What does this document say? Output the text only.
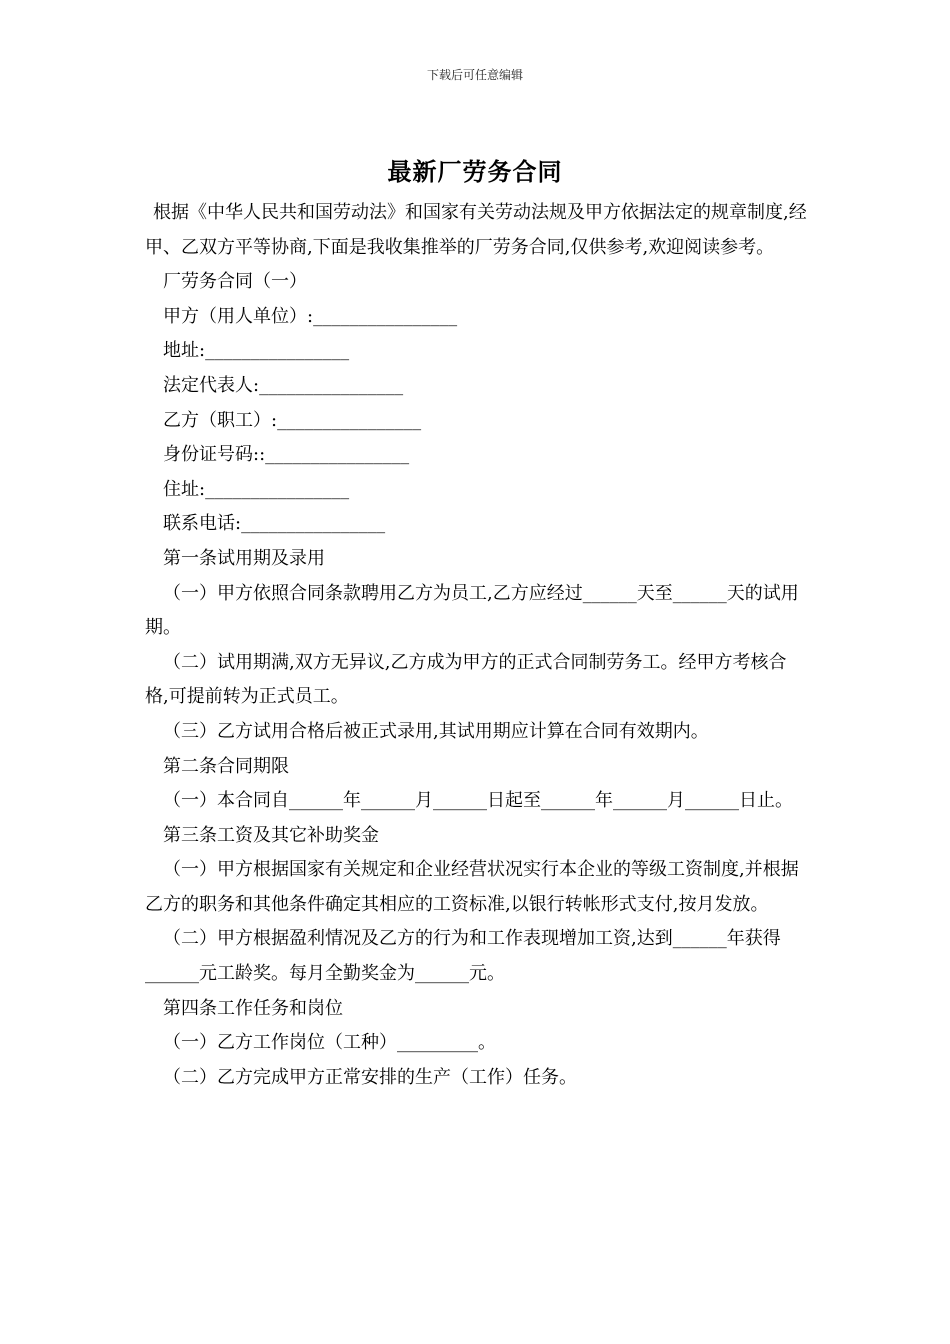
下载后可任意编辑
最新厂劳务合同

根据《中华人民共和国劳动法》和国家有关劳动法规及甲方依据法定的规章制度,经甲、乙双方平等协商,下面是我收集推举的厂劳务合同,仅供参考,欢迎阅读参考。

厂劳务合同（一）

甲方（用人单位）:________________

地址:________________

法定代表人:________________

乙方（职工）:________________

身份证号码::________________

住址:________________

联系电话:________________

第一条试用期及录用

（一）甲方依照合同条款聘用乙方为员工,乙方应经过______天至______天的试用期。

（二）试用期满,双方无异议,乙方成为甲方的正式合同制劳务工。经甲方考核合格,可提前转为正式员工。

（三）乙方试用合格后被正式录用,其试用期应计算在合同有效期内。

第二条合同期限

（一）本合同自______年______月______日起至______年______月______日止。

第三条工资及其它补助奖金

（一）甲方根据国家有关规定和企业经营状况实行本企业的等级工资制度,并根据乙方的职务和其他条件确定其相应的工资标准,以银行转帐形式支付,按月发放。

（二）甲方根据盈利情况及乙方的行为和工作表现增加工资,达到______年获得______元工龄奖。每月全勤奖金为______元。

第四条工作任务和岗位

（一）乙方工作岗位（工种）_________。

（二）乙方完成甲方正常安排的生产（工作）任务。
